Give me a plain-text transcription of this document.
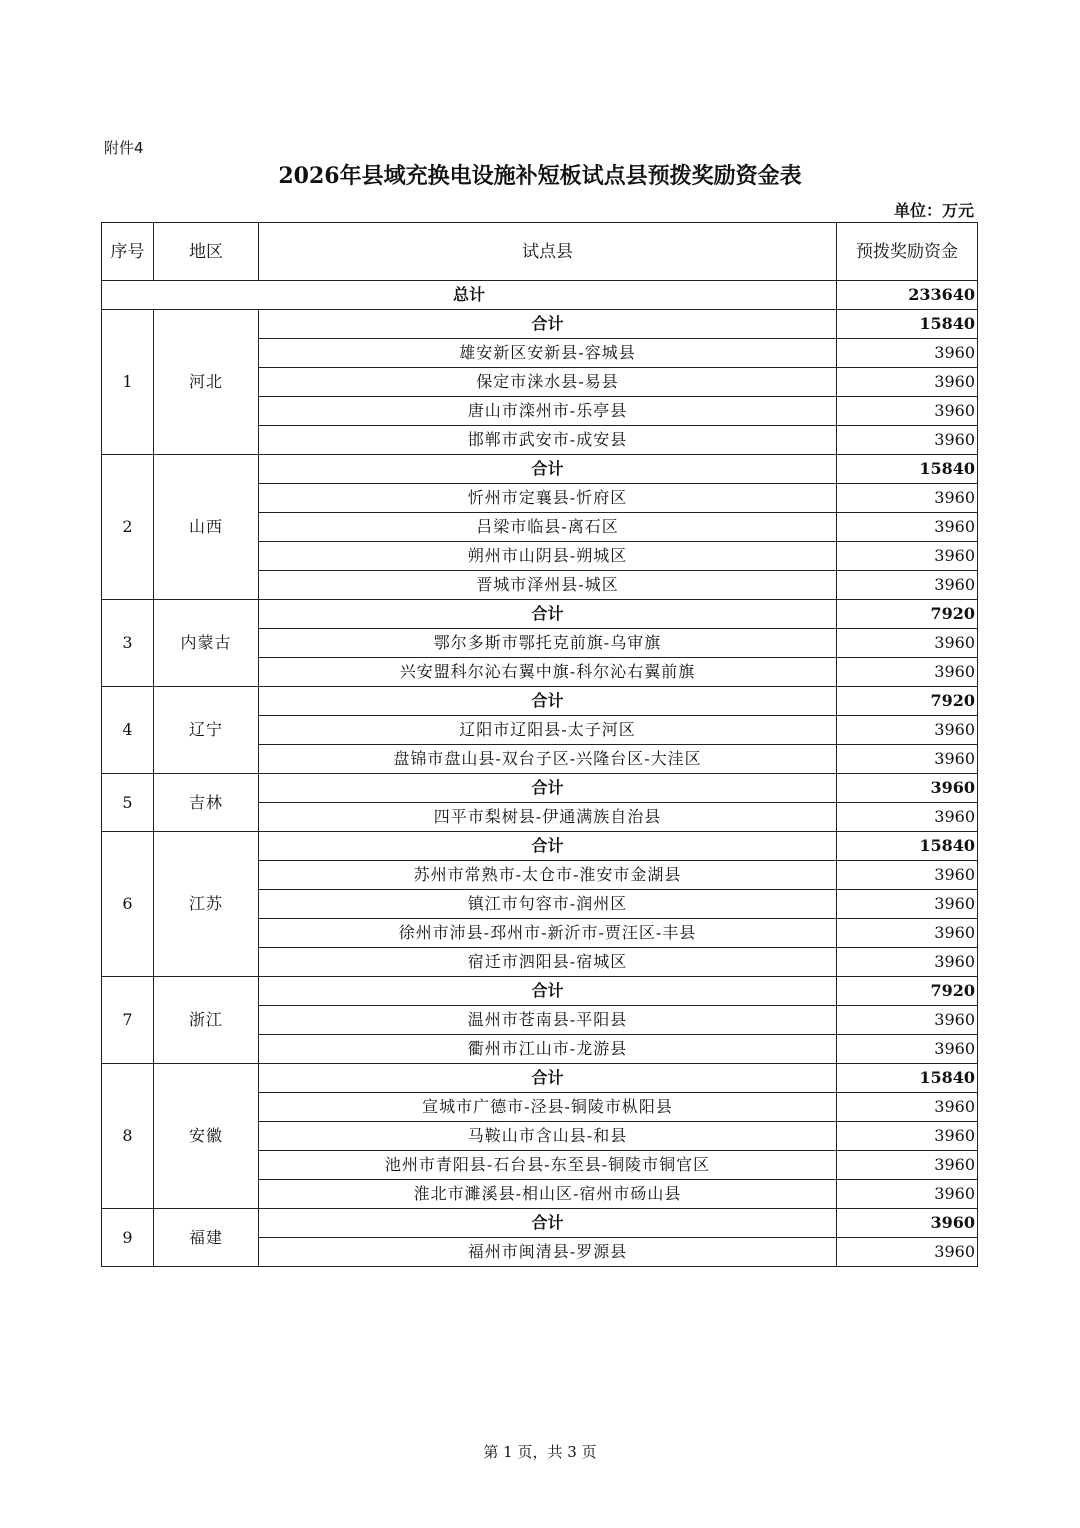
附件4
2026年县域充换电设施补短板试点县预拨奖励资金表
单位：万元
序号	地区	试点县	预拨奖励资金
总计			233640
1	河北	合计	15840
		雄安新区安新县-容城县	3960
		保定市涞水县-易县	3960
		唐山市滦州市-乐亭县	3960
		邯郸市武安市-成安县	3960
2	山西	合计	15840
		忻州市定襄县-忻府区	3960
		吕梁市临县-离石区	3960
		朔州市山阴县-朔城区	3960
		晋城市泽州县-城区	3960
3	内蒙古	合计	7920
		鄂尔多斯市鄂托克前旗-乌审旗	3960
		兴安盟科尔沁右翼中旗-科尔沁右翼前旗	3960
4	辽宁	合计	7920
		辽阳市辽阳县-太子河区	3960
		盘锦市盘山县-双台子区-兴隆台区-大洼区	3960
5	吉林	合计	3960
		四平市梨树县-伊通满族自治县	3960
6	江苏	合计	15840
		苏州市常熟市-太仓市-淮安市金湖县	3960
		镇江市句容市-润州区	3960
		徐州市沛县-邳州市-新沂市-贾汪区-丰县	3960
		宿迁市泗阳县-宿城区	3960
7	浙江	合计	7920
		温州市苍南县-平阳县	3960
		衢州市江山市-龙游县	3960
8	安徽	合计	15840
		宣城市广德市-泾县-铜陵市枞阳县	3960
		马鞍山市含山县-和县	3960
		池州市青阳县-石台县-东至县-铜陵市铜官区	3960
		淮北市濉溪县-相山区-宿州市砀山县	3960
9	福建	合计	3960
		福州市闽清县-罗源县	3960
第 1 页，共 3 页
